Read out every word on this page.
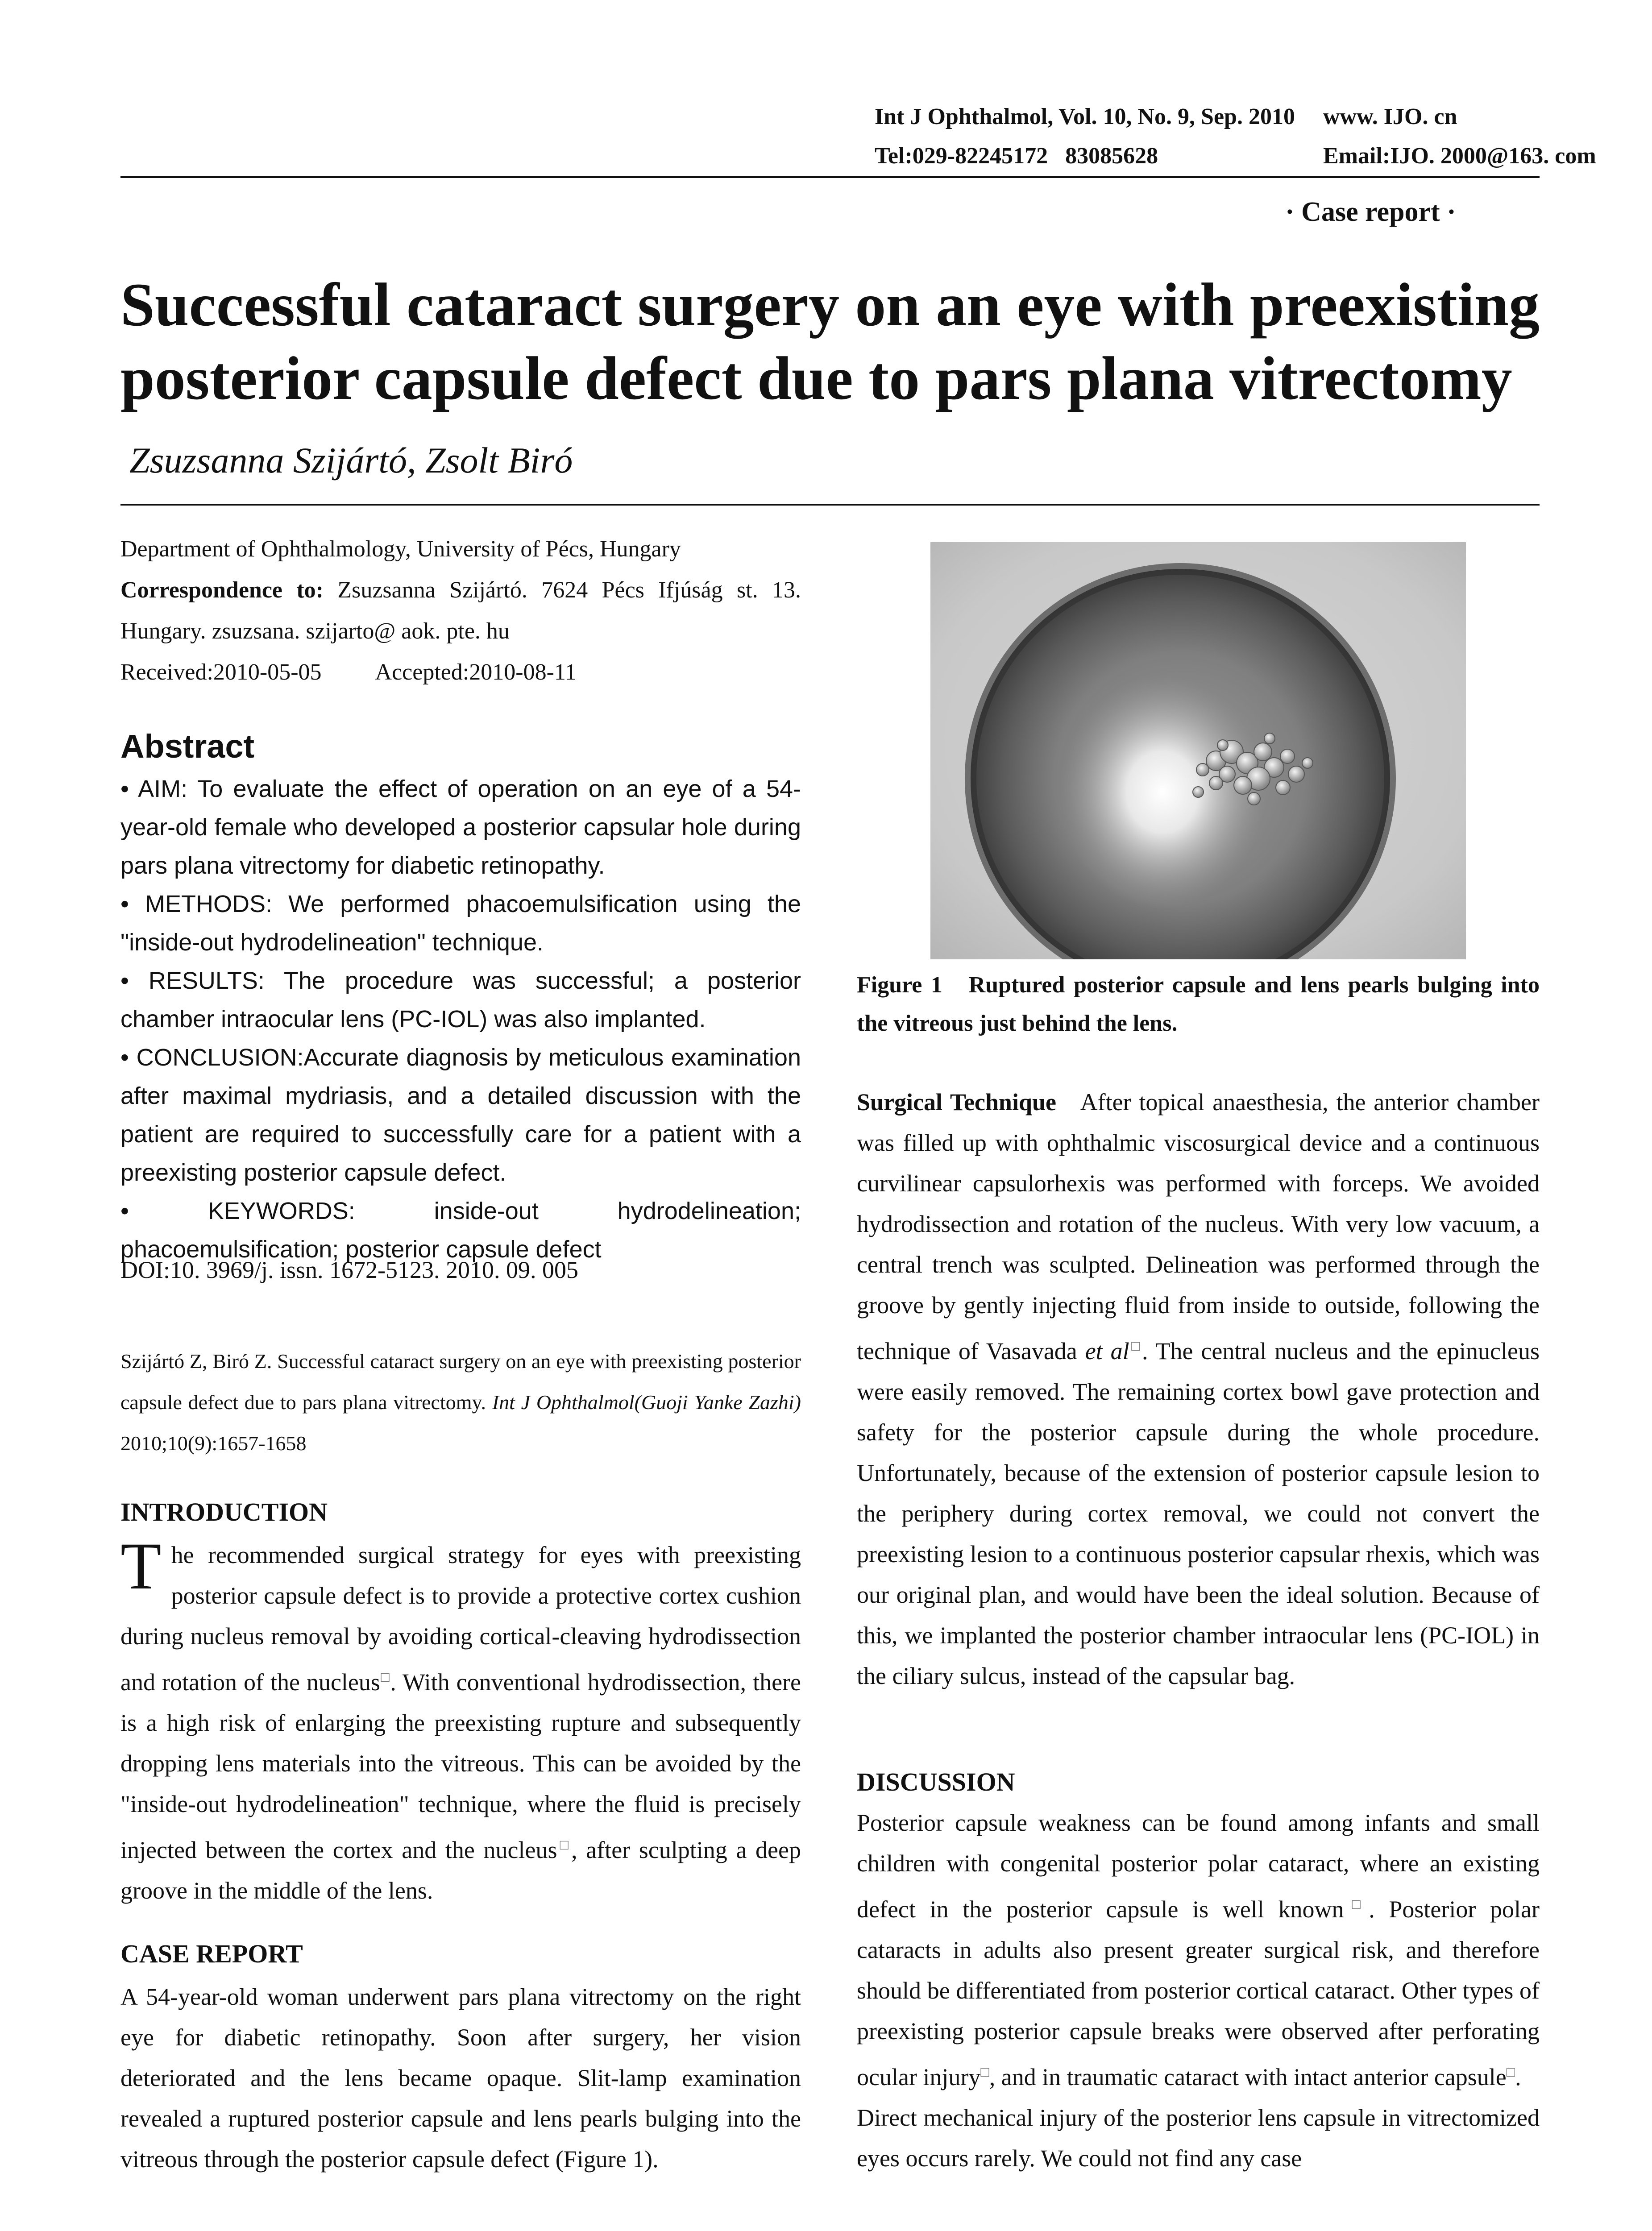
Int J Ophthalmol, Vol. 10, No. 9, Sep. 2010 www. IJO. cn
Tel:029-82245172   83085628	Email:IJO. 2000@163. com
· Case report ·
Successful cataract surgery on an eye with preexisting posterior capsule defect due to pars plana vitrectomy
Zsuzsanna Szijártó, Zsolt Biró

Department of Ophthalmology, University of Pécs, Hungary

Correspondence to: Zsuzsanna Szijártó. 7624 Pécs Ifjúság st. 13. Hungary. zsuzsana. szijarto@ aok. pte. hu

Received:2010-05-05 Accepted:2010-08-11

Abstract

• AIM: To evaluate the effect of operation on an eye of a 54-year-old female who developed a posterior capsular hole during pars plana vitrectomy for diabetic retinopathy.

• METHODS: We performed phacoemulsification using the "inside-out hydrodelineation" technique.

• RESULTS: The procedure was successful; a posterior chamber intraocular lens (PC-IOL) was also implanted.

• CONCLUSION:Accurate diagnosis by meticulous examination after maximal mydriasis, and a detailed discussion with the patient are required to successfully care for a patient with a preexisting posterior capsule defect.

• KEYWORDS: inside-out hydrodelineation; phacoemulsification; posterior capsule defect

DOI:10. 3969/j. issn. 1672-5123. 2010. 09. 005
Szijártó Z, Biró Z. Successful cataract surgery on an eye with preexisting posterior capsule defect due to pars plana vitrectomy. Int J Ophthalmol(Guoji Yanke Zazhi) 2010;10(9):1657-1658
INTRODUCTION
The recommended surgical strategy for eyes with preexisting posterior capsule defect is to provide a protective cortex cushion during nucleus removal by avoiding cortical-cleaving hydrodissection and rotation of the nucleus□. With conventional hydrodissection, there is a high risk of enlarging the preexisting rupture and subsequently dropping lens materials into the vitreous. This can be avoided by the "inside-out hydrodelineation" technique, where the fluid is precisely injected between the cortex and the nucleus□, after sculpting a deep groove in the middle of the lens.
CASE REPORT
A 54-year-old woman underwent pars plana vitrectomy on the right eye for diabetic retinopathy. Soon after surgery, her vision deteriorated and the lens became opaque. Slit-lamp examination revealed a ruptured posterior capsule and lens pearls bulging into the vitreous through the posterior capsule defect (Figure 1).
Figure 1   Ruptured posterior capsule and lens pearls bulging into the vitreous just behind the lens.
Surgical Technique After topical anaesthesia, the anterior chamber was filled up with ophthalmic viscosurgical device and a continuous curvilinear capsulorhexis was performed with forceps. We avoided hydrodissection and rotation of the nucleus. With very low vacuum, a central trench was sculpted. Delineation was performed through the groove by gently injecting fluid from inside to outside, following the technique of Vasavada et al□. The central nucleus and the epinucleus were easily removed. The remaining cortex bowl gave protection and safety for the posterior capsule during the whole procedure. Unfortunately, because of the extension of posterior capsule lesion to the periphery during cortex removal, we could not convert the preexisting lesion to a continuous posterior capsular rhexis, which was our original plan, and would have been the ideal solution. Because of this, we implanted the posterior chamber intraocular lens (PC-IOL) in the ciliary sulcus, instead of the capsular bag.
DISCUSSION

Posterior capsule weakness can be found among infants and small children with congenital posterior polar cataract, where an existing defect in the posterior capsule is well known□. Posterior polar cataracts in adults also present greater surgical risk, and therefore should be differentiated from posterior cortical cataract. Other types of preexisting posterior capsule breaks were observed after perforating ocular injury□, and in traumatic cataract with intact anterior capsule□.

Direct mechanical injury of the posterior lens capsule in vitrectomized eyes occurs rarely. We could not find any case
